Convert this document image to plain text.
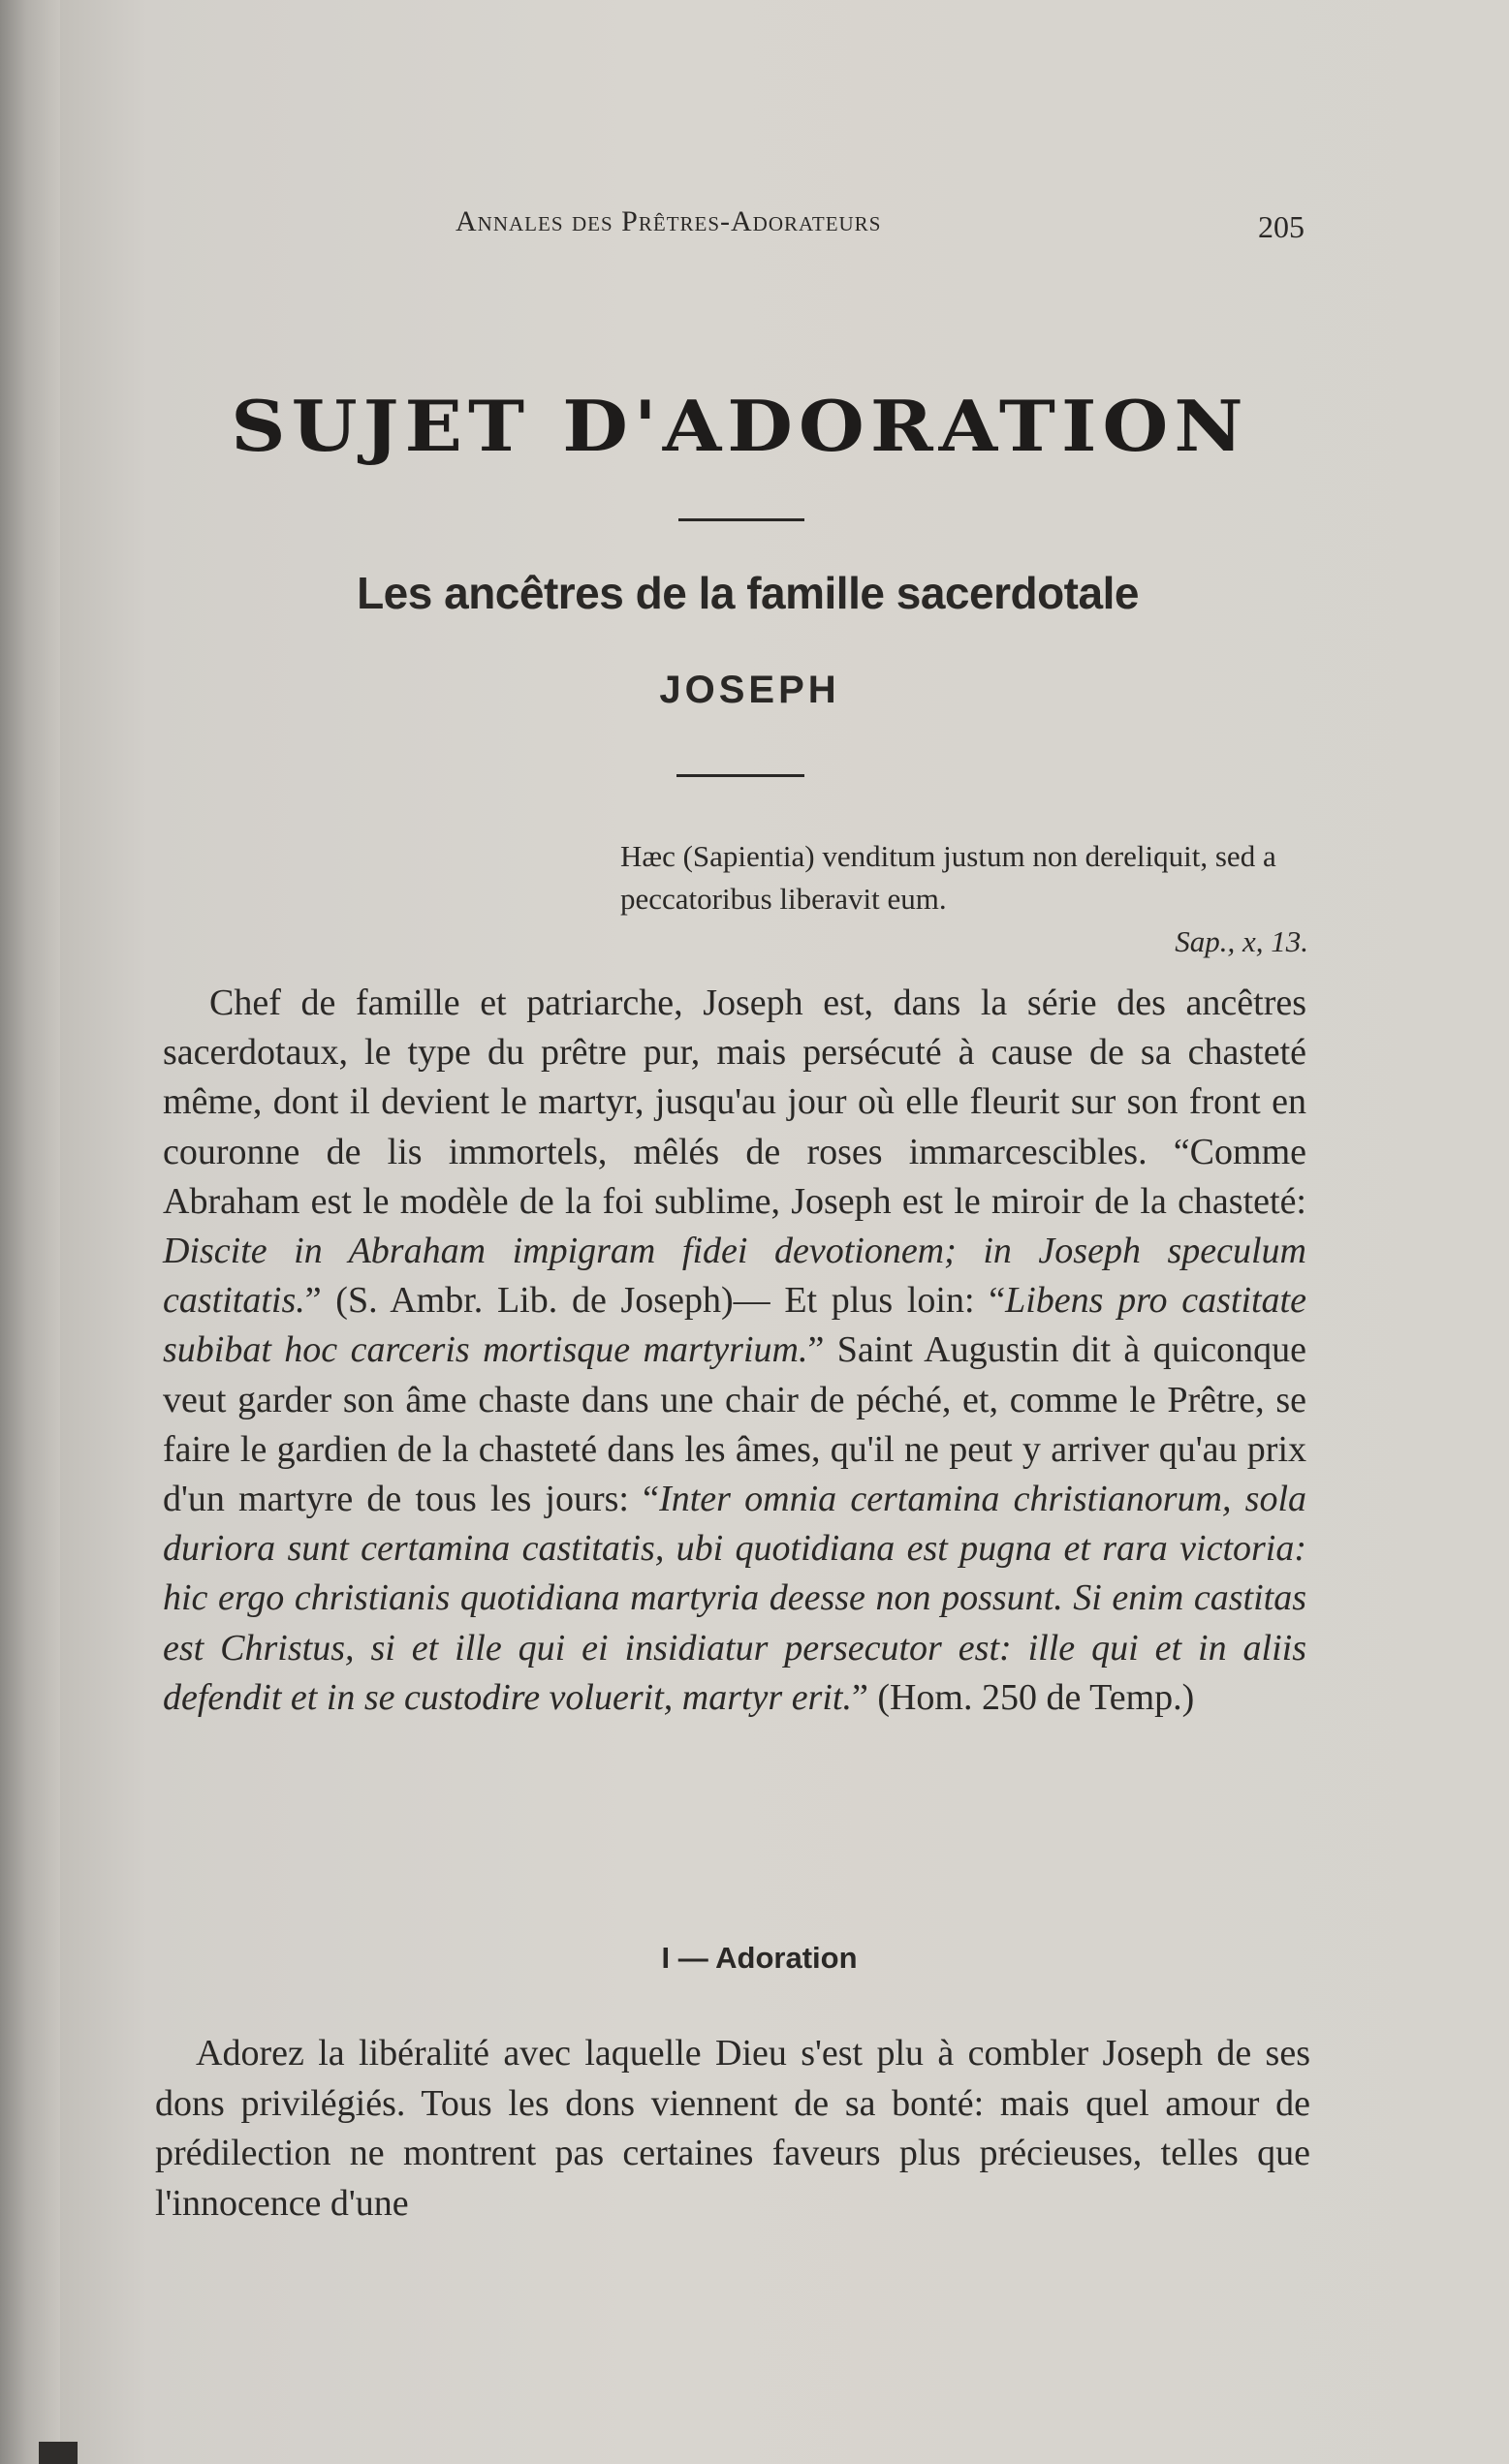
Annales des Prêtres-Adorateurs	205
SUJET D'ADORATION
Les ancêtres de la famille sacerdotale
JOSEPH
Hæc (Sapientia) venditum justum non dereliquit, sed a peccatoribus liberavit eum.
Sap., x, 13.

Chef de famille et patriarche, Joseph est, dans la série des ancêtres sacerdotaux, le type du prêtre pur, mais persécuté à cause de sa chasteté même, dont il devient le martyr, jusqu'au jour où elle fleurit sur son front en couronne de lis immortels, mêlés de roses immarcescibles. “Comme Abraham est le modèle de la foi sublime, Joseph est le miroir de la chasteté: Discite in Abraham impigram fidei devotionem; in Joseph speculum castitatis.” (S. Ambr. Lib. de Joseph)— Et plus loin: “Libens pro castitate subibat hoc carceris mortisque martyrium.” Saint Augustin dit à quiconque veut garder son âme chaste dans une chair de péché, et, comme le Prêtre, se faire le gardien de la chasteté dans les âmes, qu'il ne peut y arriver qu'au prix d'un martyre de tous les jours: “Inter omnia certamina christianorum, sola duriora sunt certamina castitatis, ubi quotidiana est pugna et rara victoria: hic ergo christianis quotidiana martyria deesse non possunt. Si enim castitas est Christus, si et ille qui ei insidiatur persecutor est: ille qui et in aliis defendit et in se custodire voluerit, martyr erit.” (Hom. 250 de Temp.)

I — Adoration

Adorez la libéralité avec laquelle Dieu s'est plu à combler Joseph de ses dons privilégiés. Tous les dons viennent de sa bonté: mais quel amour de prédilection ne montrent pas certaines faveurs plus précieuses, telles que l'innocence d'une
